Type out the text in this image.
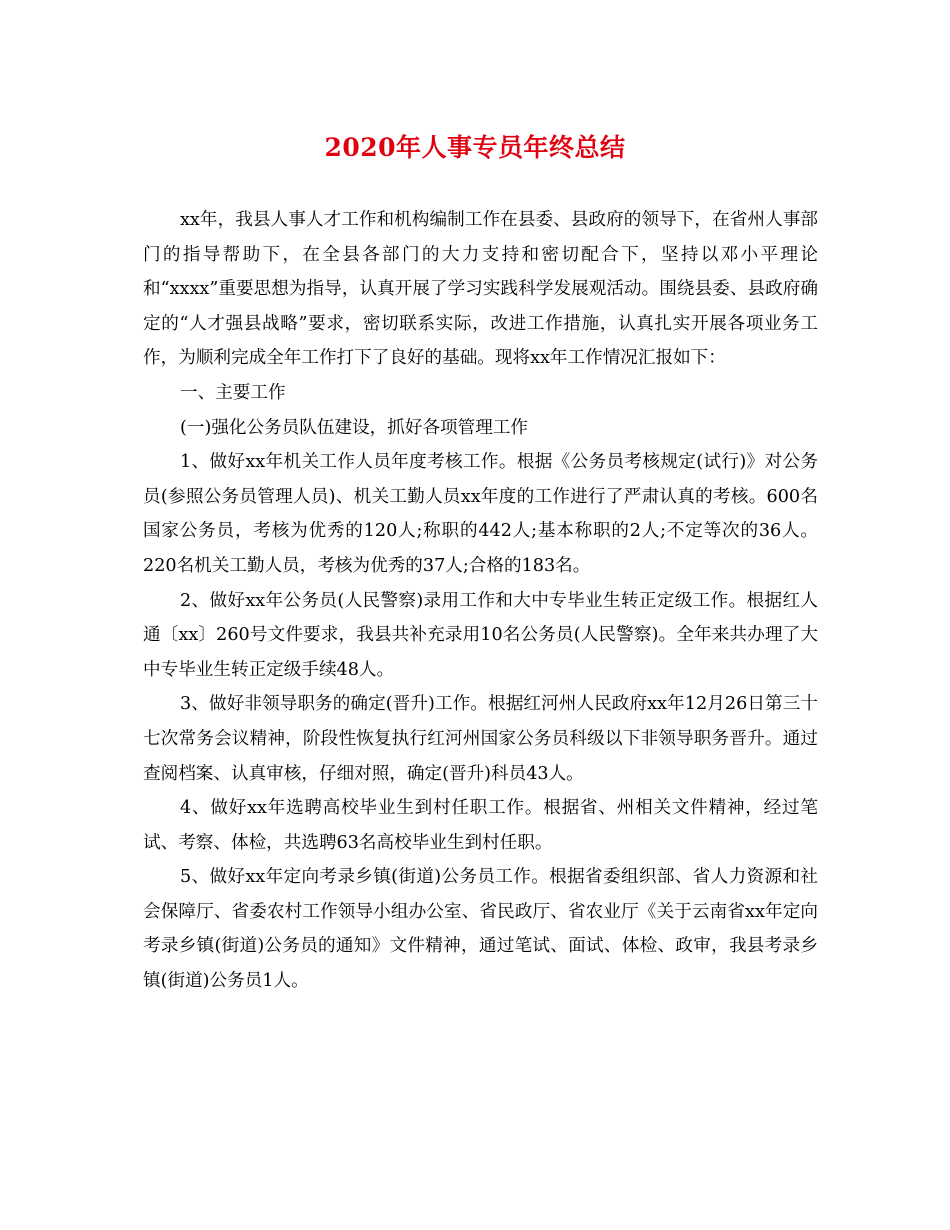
2020年人事专员年终总结

xx年，我县人事人才工作和机构编制工作在县委、县政府的领导下，在省州人事部门的指导帮助下，在全县各部门的大力支持和密切配合下，坚持以邓小平理论和“xxxx”重要思想为指导，认真开展了学习实践科学发展观活动。围绕县委、县政府确定的“人才强县战略”要求，密切联系实际，改进工作措施，认真扎实开展各项业务工作，为顺利完成全年工作打下了良好的基础。现将xx年工作情况汇报如下：

一、主要工作

(一)强化公务员队伍建设，抓好各项管理工作

1、做好xx年机关工作人员年度考核工作。根据《公务员考核规定(试行)》对公务员(参照公务员管理人员)、机关工勤人员xx年度的工作进行了严肃认真的考核。600名国家公务员，考核为优秀的120人;称职的442人;基本称职的2人;不定等次的36人。220名机关工勤人员，考核为优秀的37人;合格的183名。

2、做好xx年公务员(人民警察)录用工作和大中专毕业生转正定级工作。根据红人通〔xx〕260号文件要求，我县共补充录用10名公务员(人民警察)。全年来共办理了大中专毕业生转正定级手续48人。

3、做好非领导职务的确定(晋升)工作。根据红河州人民政府xx年12月26日第三十七次常务会议精神，阶段性恢复执行红河州国家公务员科级以下非领导职务晋升。通过查阅档案、认真审核，仔细对照，确定(晋升)科员43人。

4、做好xx年选聘高校毕业生到村任职工作。根据省、州相关文件精神，经过笔试、考察、体检，共选聘63名高校毕业生到村任职。

5、做好xx年定向考录乡镇(街道)公务员工作。根据省委组织部、省人力资源和社会保障厅、省委农村工作领导小组办公室、省民政厅、省农业厅《关于云南省xx年定向考录乡镇(街道)公务员的通知》文件精神，通过笔试、面试、体检、政审，我县考录乡镇(街道)公务员1人。
